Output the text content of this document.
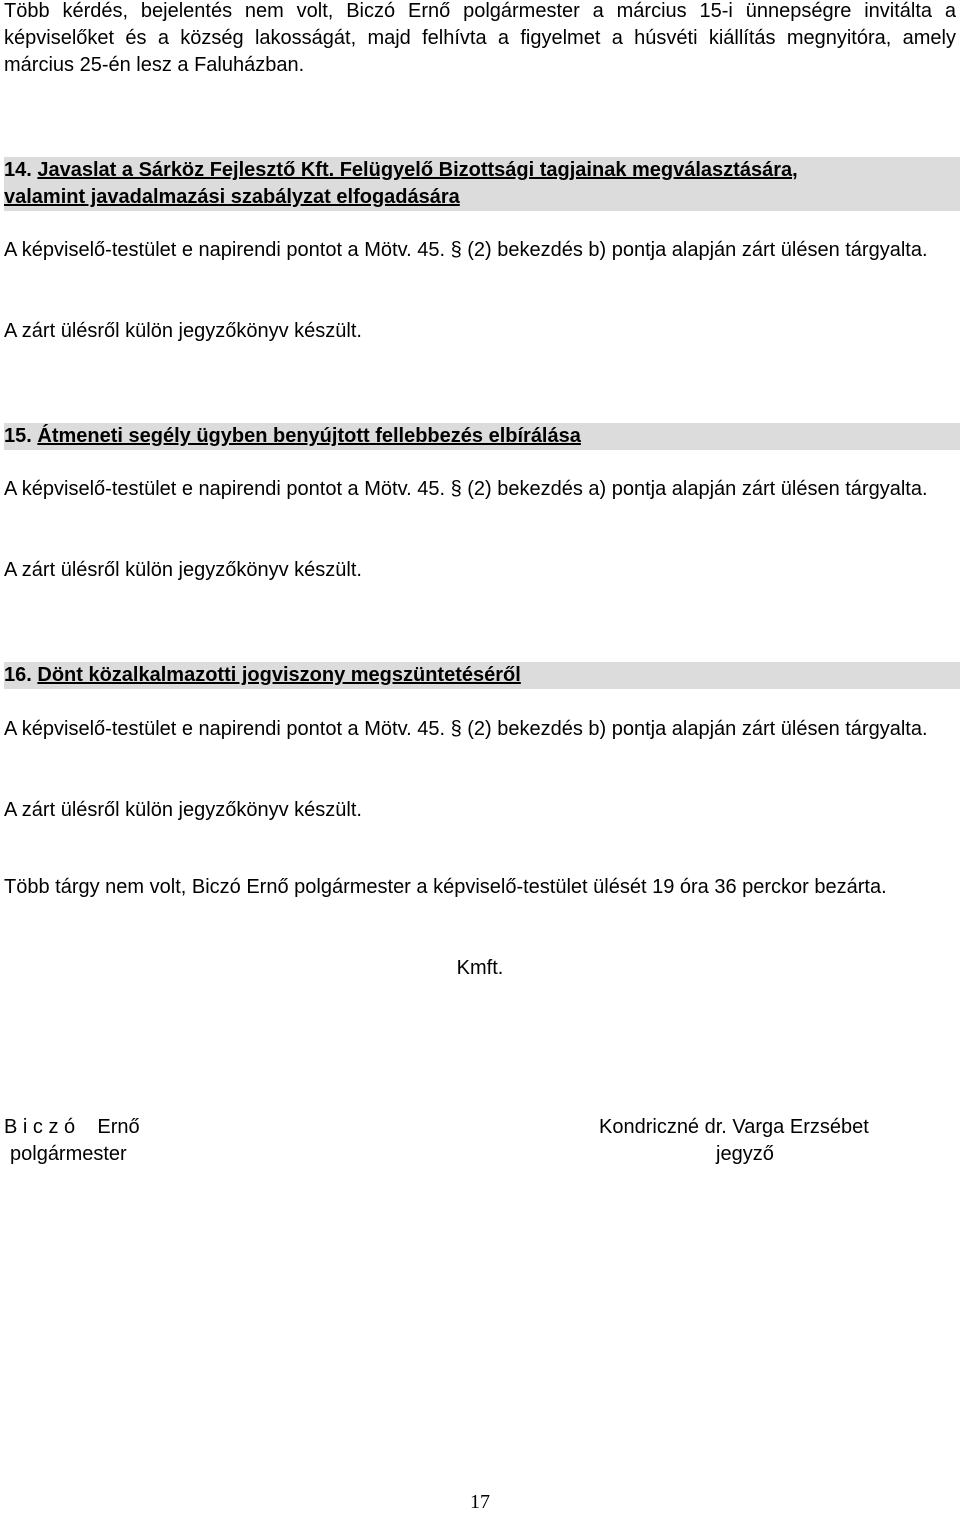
Több kérdés, bejelentés nem volt, Biczó Ernő polgármester a március 15-i ünnepségre invitálta a képviselőket és a község lakosságát, majd felhívta a figyelmet a húsvéti kiállítás megnyitóra, amely március 25-én lesz a Faluházban.

14. Javaslat a Sárköz Fejlesztő Kft. Felügyelő Bizottsági tagjainak megválasztására,
valamint javadalmazási szabályzat elfogadására

A képviselő-testület e napirendi pontot a Mötv. 45. § (2) bekezdés b) pontja alapján zárt ülésen tárgyalta.

A zárt ülésről külön jegyzőkönyv készült.

15. Átmeneti segély ügyben benyújtott fellebbezés elbírálása

A képviselő-testület e napirendi pontot a Mötv. 45. § (2) bekezdés a) pontja alapján zárt ülésen tárgyalta.

A zárt ülésről külön jegyzőkönyv készült.

16. Dönt közalkalmazotti jogviszony megszüntetéséről

A képviselő-testület e napirendi pontot a Mötv. 45. § (2) bekezdés b) pontja alapján zárt ülésen tárgyalta.

A zárt ülésről külön jegyzőkönyv készült.

Több tárgy nem volt, Biczó Ernő polgármester a képviselő-testület ülését 19 óra 36 perckor bezárta.

Kmft.

B i c z ó    Ernő

polgármester

Kondriczné dr. Varga Erzsébet

jegyző

17
